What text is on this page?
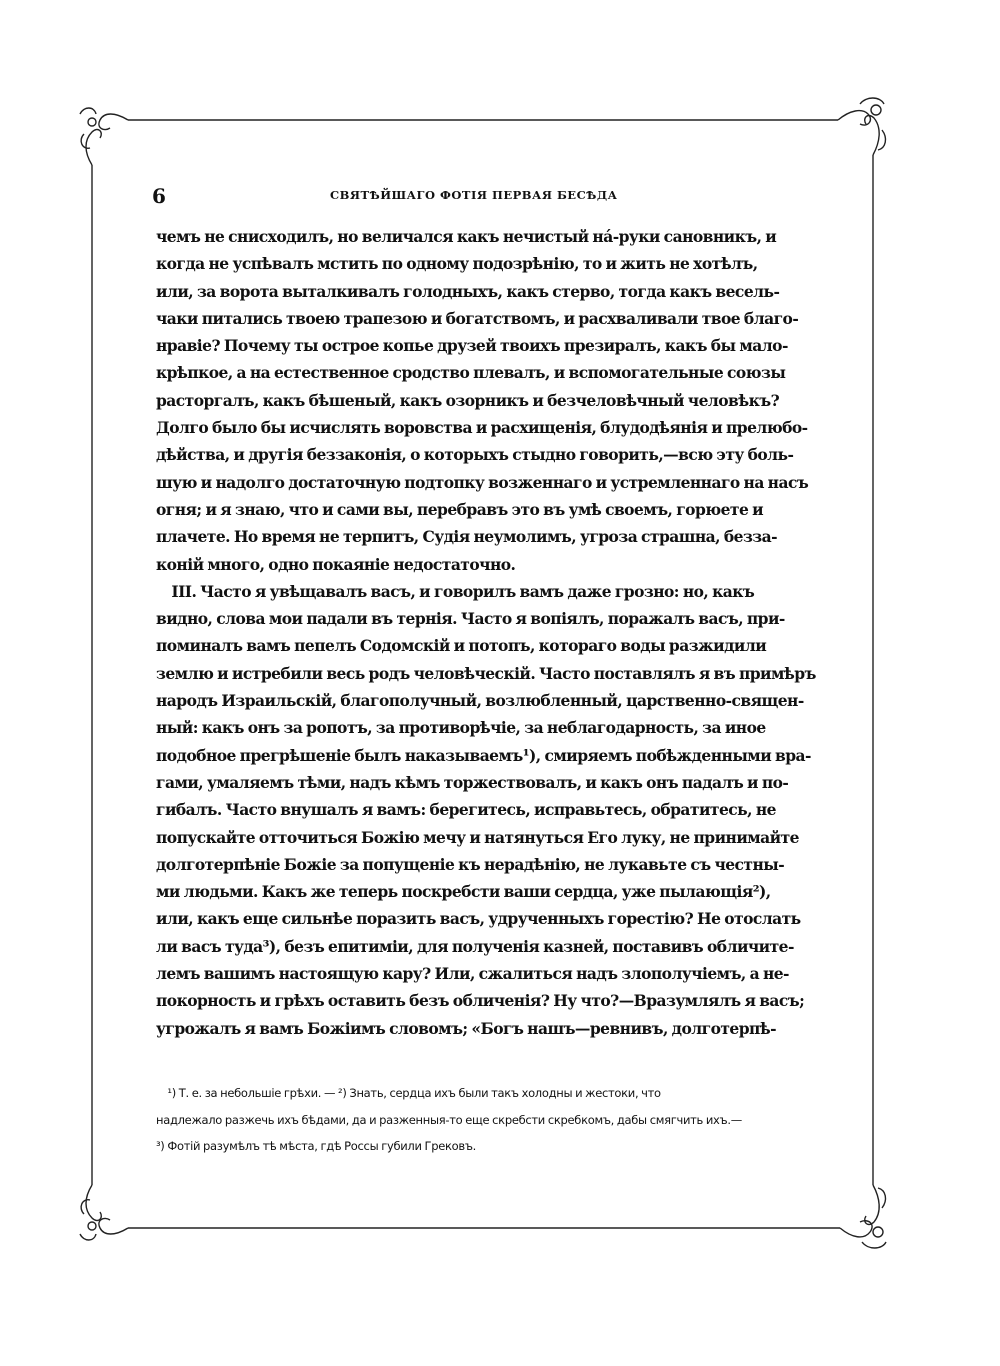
6	СВЯТѢЙШАГО ФОТІЯ ПЕРВАЯ БЕСѢДА
чемъ не снисходилъ, но величался какъ нечистый нá-руки сановникъ, и
когда не успѣвалъ мстить по одному подозрѣнію, то и жить не хотѣлъ,
или, за ворота выталкивалъ голодныхъ, какъ стерво, тогда какъ весель-
чаки питались твоею трапезою и богатствомъ, и расхваливали твое благо-
нравіе? Почему ты острое копье друзей твоихъ презиралъ, какъ бы мало-
крѣпкое, а на естественное сродство плевалъ, и вспомогательные союзы
расторгалъ, какъ бѣшеный, какъ озорникъ и безчеловѣчный человѣкъ?
Долго было бы исчислять воровства и расхищенія, блудодѣянія и прелюбо-
дѣйства, и другія беззаконія, о которыхъ стыдно говорить,—всю эту боль-
шую и надолго достаточную подтопку возженнаго и устремленнаго на насъ
огня; и я знаю, что и сами вы, перебравъ это въ умѣ своемъ, горюете и
плачете. Но время не терпитъ, Судія неумолимъ, угроза страшна, безза-
коній много, одно покаяніе недостаточно.
III. Часто я увѣщавалъ васъ, и говорилъ вамъ даже грозно: но, какъ
видно, слова мои падали въ тернія. Часто я вопіялъ, поражалъ васъ, при-
поминалъ вамъ пепелъ Содомскій и потопъ, котораго воды разжидили
землю и истребили весь родъ человѣческій. Часто поставлялъ я въ примѣръ
народъ Израильскій, благополучный, возлюбленный, царственно-священ-
ный: какъ онъ за ропотъ, за противорѣчіе, за неблагодарность, за иное
подобное прегрѣшеніе былъ наказываемъ¹), смиряемъ побѣжденными вра-
гами, умаляемъ тѣми, надъ кѣмъ торжествовалъ, и какъ онъ падалъ и по-
гибалъ. Часто внушалъ я вамъ: берегитесь, исправьтесь, обратитесь, не
попускайте отточиться Божію мечу и натянуться Его луку, не принимайте
долготерпѣніе Божіе за попущеніе къ нерадѣнію, не лукавьте съ честны-
ми людьми. Какъ же теперь поскребсти ваши сердца, уже пылающія²),
или, какъ еще сильнѣе поразить васъ, удрученныхъ горестію? Не отослать
ли васъ туда³), безъ епитиміи, для полученія казней, поставивъ обличите-
лемъ вашимъ настоящую кару? Или, сжалиться надъ злополучіемъ, а не-
покорность и грѣхъ оставить безъ обличенія? Ну что?—Вразумлялъ я васъ;
угрожалъ я вамъ Божіимъ словомъ; «Богъ нашъ—ревнивъ, долготерпѣ-
¹) Т. е. за небольшіе грѣхи. — ²) Знать, сердца ихъ были такъ холодны и жестоки, что
надлежало разжечь ихъ бѣдами, да и разженныя-то еще скребсти скребкомъ, дабы смягчить ихъ.—
³) Фотій разумѣлъ тѣ мѣста, гдѣ Россы губили Грековъ.
